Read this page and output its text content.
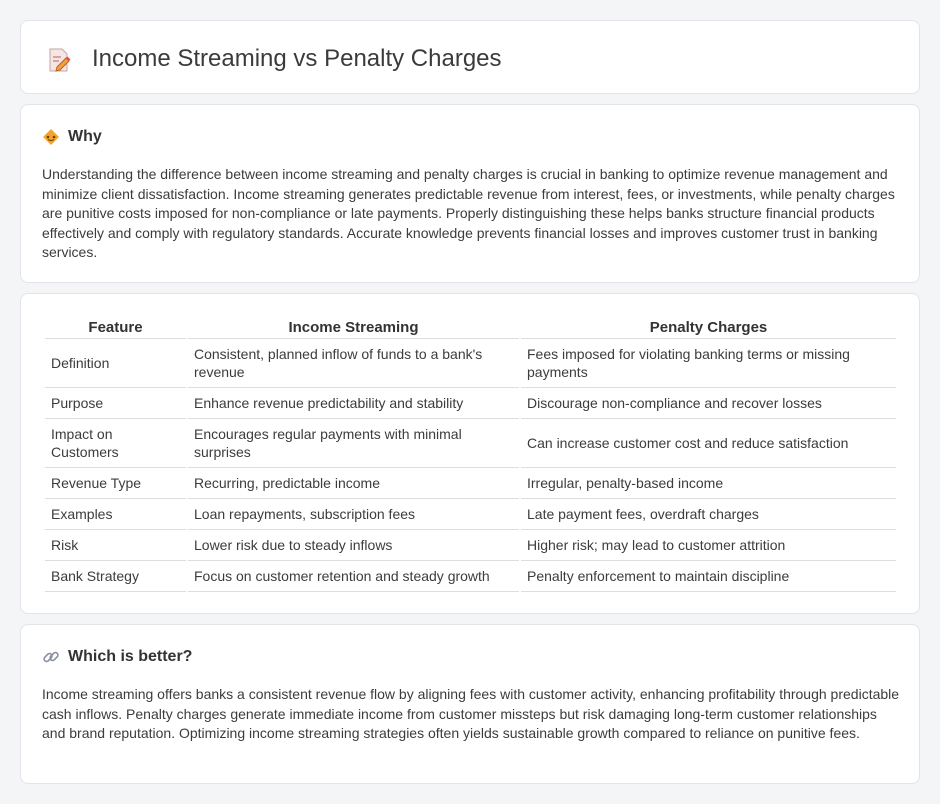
Income Streaming vs Penalty Charges
Why

Understanding the difference between income streaming and penalty charges is crucial in banking to optimize revenue management and minimize client dissatisfaction. Income streaming generates predictable revenue from interest, fees, or investments, while penalty charges are punitive costs imposed for non-compliance or late payments. Properly distinguishing these helps banks structure financial products effectively and comply with regulatory standards. Accurate knowledge prevents financial losses and improves customer trust in banking services.

Feature	Income Streaming	Penalty Charges
Definition	Consistent, planned inflow of funds to a bank's revenue	Fees imposed for violating banking terms or missing payments
Purpose	Enhance revenue predictability and stability	Discourage non-compliance and recover losses
Impact on Customers	Encourages regular payments with minimal surprises	Can increase customer cost and reduce satisfaction
Revenue Type	Recurring, predictable income	Irregular, penalty-based income
Examples	Loan repayments, subscription fees	Late payment fees, overdraft charges
Risk	Lower risk due to steady inflows	Higher risk; may lead to customer attrition
Bank Strategy	Focus on customer retention and steady growth	Penalty enforcement to maintain discipline
Which is better?

Income streaming offers banks a consistent revenue flow by aligning fees with customer activity, enhancing profitability through predictable cash inflows. Penalty charges generate immediate income from customer missteps but risk damaging long-term customer relationships and brand reputation. Optimizing income streaming strategies often yields sustainable growth compared to reliance on punitive fees.
